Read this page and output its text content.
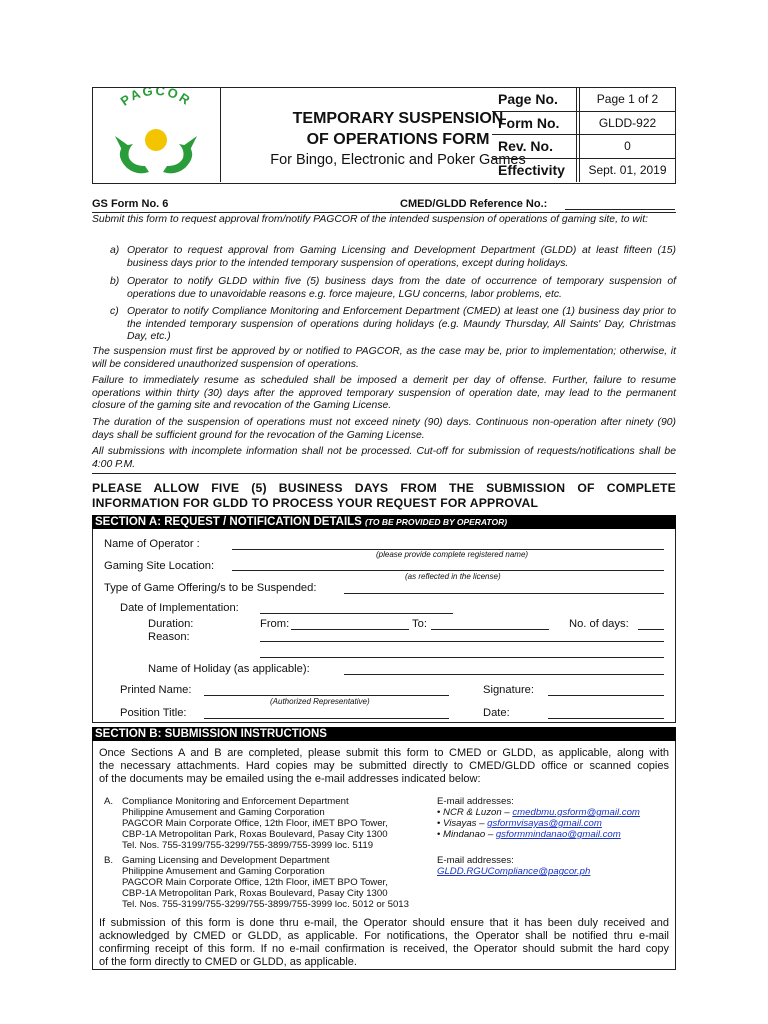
PAGCOR
TEMPORARY SUSPENSION
OF OPERATIONS FORM
For Bingo, Electronic and Poker Games
Page No.	Page 1 of 2
Form No.	GLDD-922
Rev. No.	0
Effectivity	Sept. 01, 2019
GS Form No. 6	CMED/GLDD Reference No.:
Submit this form to request approval from/notify PAGCOR of the intended suspension of operations of gaming site, to wit:
a) Operator to request approval from Gaming Licensing and Development Department (GLDD) at least fifteen (15) business days prior to the intended temporary suspension of operations, except during holidays.
b) Operator to notify GLDD within five (5) business days from the date of occurrence of temporary suspension of operations due to unavoidable reasons e.g. force majeure, LGU concerns, labor problems, etc.
c) Operator to notify Compliance Monitoring and Enforcement Department (CMED) at least one (1) business day prior to the intended temporary suspension of operations during holidays (e.g. Maundy Thursday, All Saints' Day, Christmas Day, etc.)
The suspension must first be approved by or notified to PAGCOR, as the case may be, prior to implementation; otherwise, it will be considered unauthorized suspension of operations.
Failure to immediately resume as scheduled shall be imposed a demerit per day of offense. Further, failure to resume operations within thirty (30) days after the approved temporary suspension of operation date, may lead to the permanent closure of the gaming site and revocation of the Gaming License.
The duration of the suspension of operations must not exceed ninety (90) days. Continuous non-operation after ninety (90) days shall be sufficient ground for the revocation of the Gaming License.
All submissions with incomplete information shall not be processed. Cut-off for submission of requests/notifications shall be 4:00 P.M.
PLEASE ALLOW FIVE (5) BUSINESS DAYS FROM THE SUBMISSION OF COMPLETE
INFORMATION FOR GLDD TO PROCESS YOUR REQUEST FOR APPROVAL
SECTION A: REQUEST / NOTIFICATION DETAILS (TO BE PROVIDED BY OPERATOR)
Name of Operator :
(please provide complete registered name)
Gaming Site Location:
(as reflected in the license)
Type of Game Offering/s to be Suspended:
Date of Implementation:
Duration:	From:	To:	No. of days:
Reason:
Name of Holiday (as applicable):
Printed Name:
(Authorized Representative)
Signature:
Position Title:	Date:
SECTION B: SUBMISSION INSTRUCTIONS
Once Sections A and B are completed, please submit this form to CMED or GLDD, as applicable, along with
the necessary attachments. Hard copies may be submitted directly to CMED/GLDD office or scanned copies
of the documents may be emailed using the e-mail addresses indicated below:
A. Compliance Monitoring and Enforcement Department
Philippine Amusement and Gaming Corporation
PAGCOR Main Corporate Office, 12th Floor, iMET BPO Tower,
CBP-1A Metropolitan Park, Roxas Boulevard, Pasay City 1300
Tel. Nos. 755-3199/755-3299/755-3899/755-3999 loc. 5119
E-mail addresses:
• NCR & Luzon – cmedbmu.gsform@gmail.com
• Visayas – gsformvisayas@gmail.com
• Mindanao – gsformmindanao@gmail.com
B. Gaming Licensing and Development Department
Philippine Amusement and Gaming Corporation
PAGCOR Main Corporate Office, 12th Floor, iMET BPO Tower,
CBP-1A Metropolitan Park, Roxas Boulevard, Pasay City 1300
Tel. Nos. 755-3199/755-3299/755-3899/755-3999 loc. 5012 or 5013
E-mail addresses:
GLDD.RGUCompliance@pagcor.ph
If submission of this form is done thru e-mail, the Operator should ensure that it has been duly received and
acknowledged by CMED or GLDD, as applicable. For notifications, the Operator shall be notified thru e-mail
confirming receipt of this form. If no e-mail confirmation is received, the Operator should submit the hard copy
of the form directly to CMED or GLDD, as applicable.
